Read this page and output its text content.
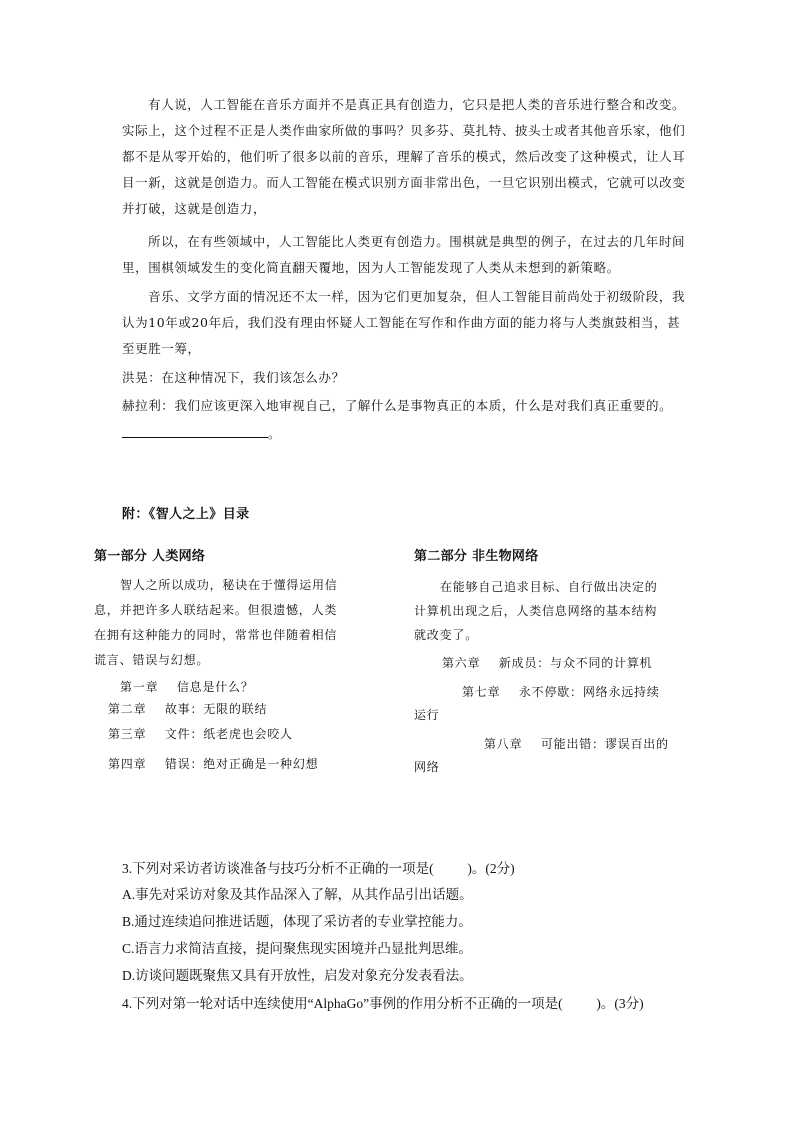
有人说，人工智能在音乐方面并不是真正具有创造力，它只是把人类的音乐进行整合和改变。
实际上，这个过程不正是人类作曲家所做的事吗？贝多芬、莫扎特、披头士或者其他音乐家，他们
都不是从零开始的，他们听了很多以前的音乐，理解了音乐的模式，然后改变了这种模式，让人耳
目一新，这就是创造力。而人工智能在模式识别方面非常出色，一旦它识别出模式，它就可以改变
并打破，这就是创造力，
所以，在有些领域中，人工智能比人类更有创造力。围棋就是典型的例子，在过去的几年时间
里，围棋领域发生的变化简直翻天覆地，因为人工智能发现了人类从未想到的新策略。
音乐、文学方面的情况还不太一样，因为它们更加复杂，但人工智能目前尚处于初级阶段，我
认为10年或20年后，我们没有理由怀疑人工智能在写作和作曲方面的能力将与人类旗鼓相当，甚
至更胜一筹，
洪晃：在这种情况下，我们该怎么办？
赫拉利：我们应该更深入地审视自己，了解什么是事物真正的本质，什么是对我们真正重要的。
。
附：《智人之上》目录
第一部分 人类网络
智人之所以成功，秘诀在于懂得运用信
息，并把许多人联结起来。但很遗憾，人类
在拥有这种能力的同时，常常也伴随着相信
谎言、错误与幻想。
第一章    信息是什么？
第二章    故事：无限的联结
第三章    文件：纸老虎也会咬人
第四章    错误：绝对正确是一种幻想
第二部分 非生物网络
在能够自己追求目标、自行做出决定的
计算机出现之后，人类信息网络的基本结构
就改变了。
第六章    新成员：与众不同的计算机
第七章    永不停歇：网络永远持续
运行
第八章    可能出错：谬误百出的
网络
3.下列对采访者访谈准备与技巧分析不正确的一项是(          )。(2分)
A.事先对采访对象及其作品深入了解，从其作品引出话题。
B.通过连续追问推进话题，体现了采访者的专业掌控能力。
C.语言力求简洁直接，提问聚焦现实困境并凸显批判思维。
D.访谈问题既聚焦又具有开放性，启发对象充分发表看法。
4.下列对第一轮对话中连续使用“AlphaGo”事例的作用分析不正确的一项是(          )。(3分)
